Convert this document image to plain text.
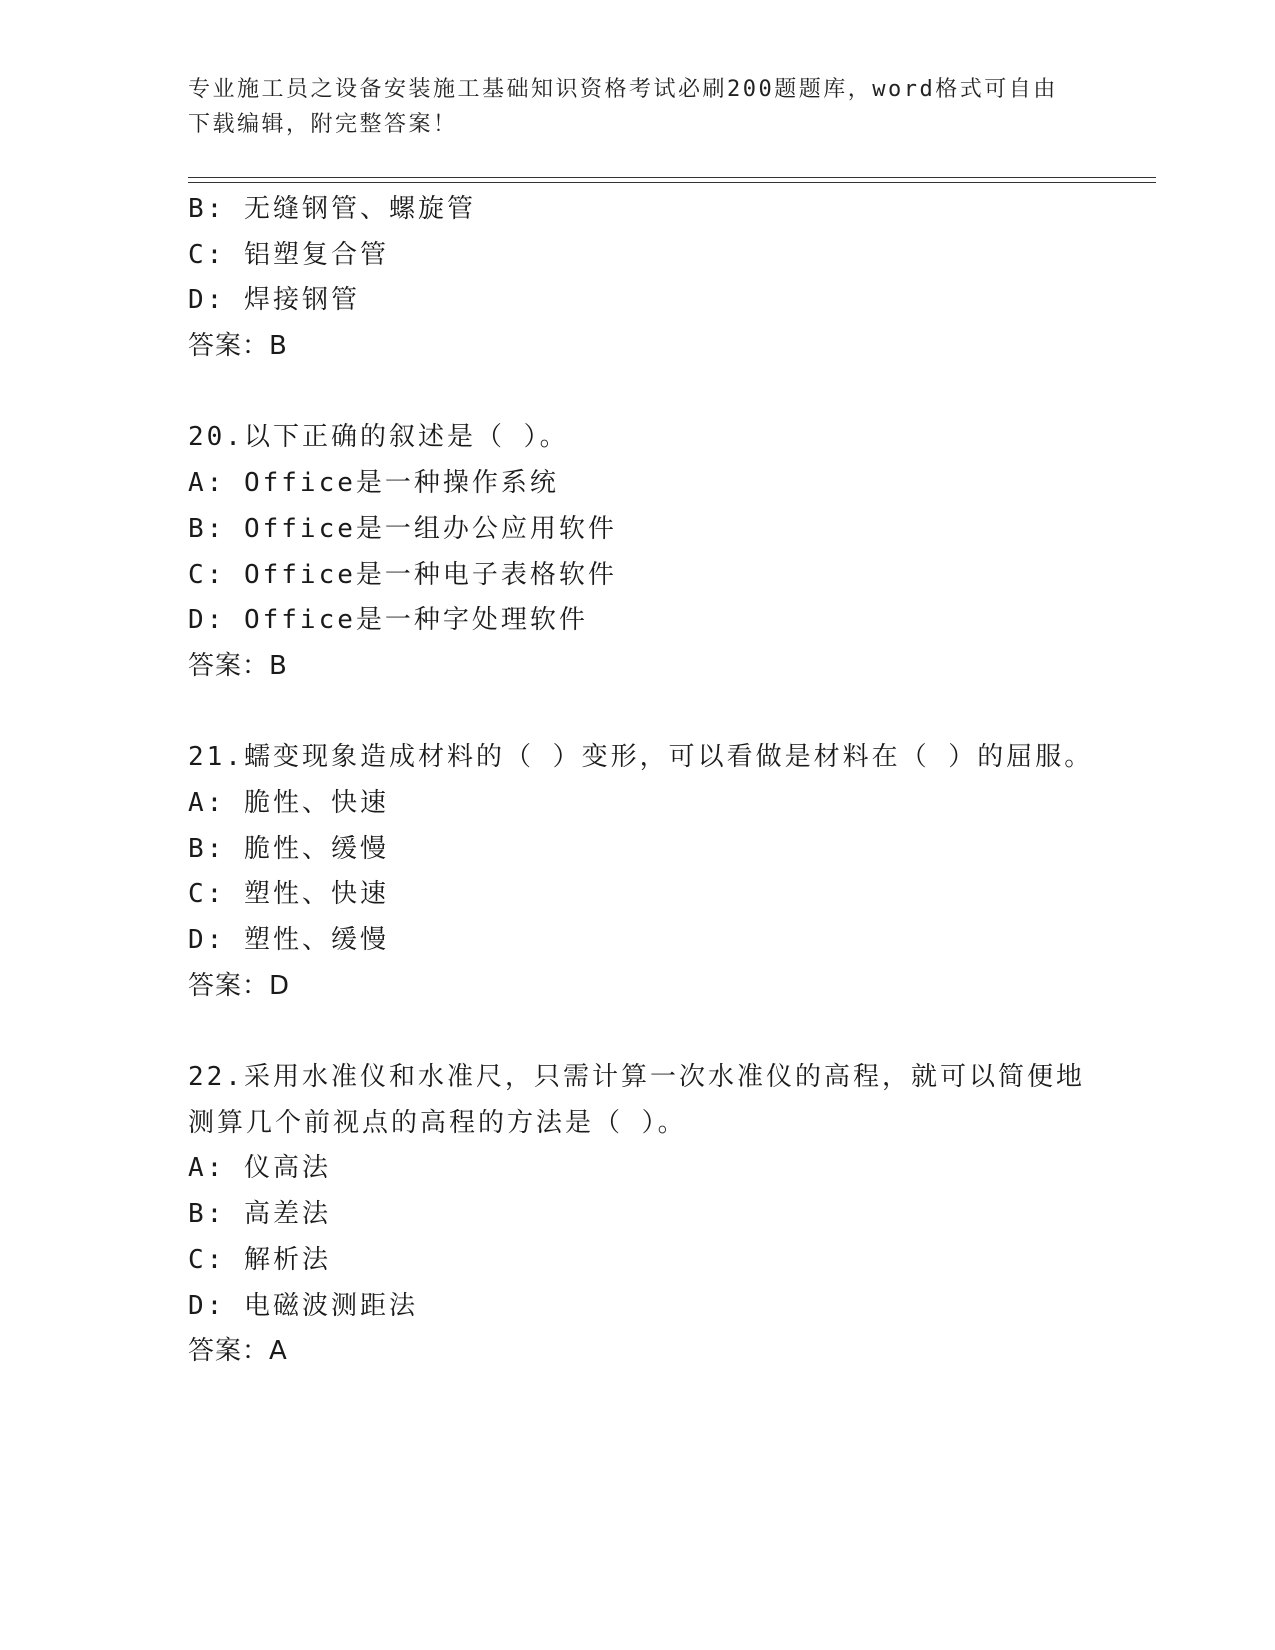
专业施工员之设备安装施工基础知识资格考试必刷200题题库，word格式可自由
下载编辑，附完整答案！
B: 无缝钢管、螺旋管
C: 铝塑复合管
D: 焊接钢管
答案：B
20.以下正确的叙述是（ ）。
A: Office是一种操作系统
B: Office是一组办公应用软件
C: Office是一种电子表格软件
D: Office是一种字处理软件
答案：B
21.蠕变现象造成材料的（ ）变形，可以看做是材料在（ ）的屈服。
A: 脆性、快速
B: 脆性、缓慢
C: 塑性、快速
D: 塑性、缓慢
答案：D
22.采用水准仪和水准尺，只需计算一次水准仪的高程，就可以简便地
测算几个前视点的高程的方法是（ ）。
A: 仪高法
B: 高差法
C: 解析法
D: 电磁波测距法
答案：A
